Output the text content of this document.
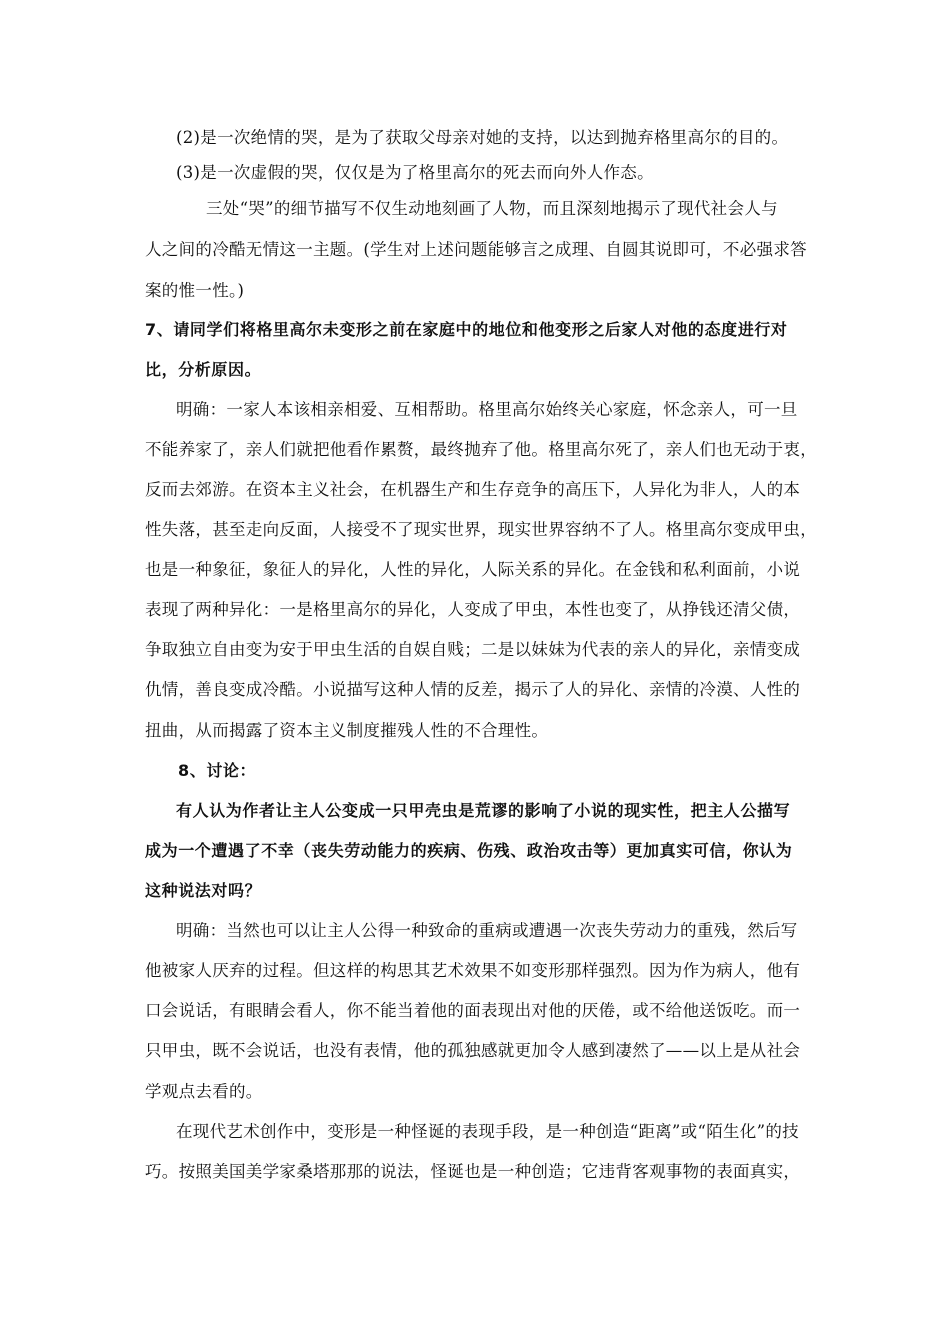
(2)是一次绝情的哭，是为了获取父母亲对她的支持，以达到抛弃格里高尔的目的。
(3)是一次虚假的哭，仅仅是为了格里高尔的死去而向外人作态。
三处“哭”的细节描写不仅生动地刻画了人物，而且深刻地揭示了现代社会人与
人之间的冷酷无情这一主题。(学生对上述问题能够言之成理、自圆其说即可，不必强求答
案的惟一性。)
7、请同学们将格里高尔未变形之前在家庭中的地位和他变形之后家人对他的态度进行对
比，分析原因。
明确：一家人本该相亲相爱、互相帮助。格里高尔始终关心家庭，怀念亲人，可一旦
不能养家了，亲人们就把他看作累赘，最终抛弃了他。格里高尔死了，亲人们也无动于衷，
反而去郊游。在资本主义社会，在机器生产和生存竞争的高压下，人异化为非人，人的本
性失落，甚至走向反面，人接受不了现实世界，现实世界容纳不了人。格里高尔变成甲虫，
也是一种象征，象征人的异化，人性的异化，人际关系的异化。在金钱和私利面前，小说
表现了两种异化：一是格里高尔的异化，人变成了甲虫，本性也变了，从挣钱还清父债，
争取独立自由变为安于甲虫生活的自娱自贱；二是以妹妹为代表的亲人的异化，亲情变成
仇情，善良变成冷酷。小说描写这种人情的反差，揭示了人的异化、亲情的冷漠、人性的
扭曲，从而揭露了资本主义制度摧残人性的不合理性。
8、讨论：
有人认为作者让主人公变成一只甲壳虫是荒谬的影响了小说的现实性，把主人公描写
成为一个遭遇了不幸（丧失劳动能力的疾病、伤残、政治攻击等）更加真实可信，你认为
这种说法对吗？
明确：当然也可以让主人公得一种致命的重病或遭遇一次丧失劳动力的重残，然后写
他被家人厌弃的过程。但这样的构思其艺术效果不如变形那样强烈。因为作为病人，他有
口会说话，有眼睛会看人，你不能当着他的面表现出对他的厌倦，或不给他送饭吃。而一
只甲虫，既不会说话，也没有表情，他的孤独感就更加令人感到凄然了——以上是从社会
学观点去看的。
在现代艺术创作中，变形是一种怪诞的表现手段，是一种创造“距离”或“陌生化”的技
巧。按照美国美学家桑塔那那的说法，怪诞也是一种创造；它违背客观事物的表面真实，
